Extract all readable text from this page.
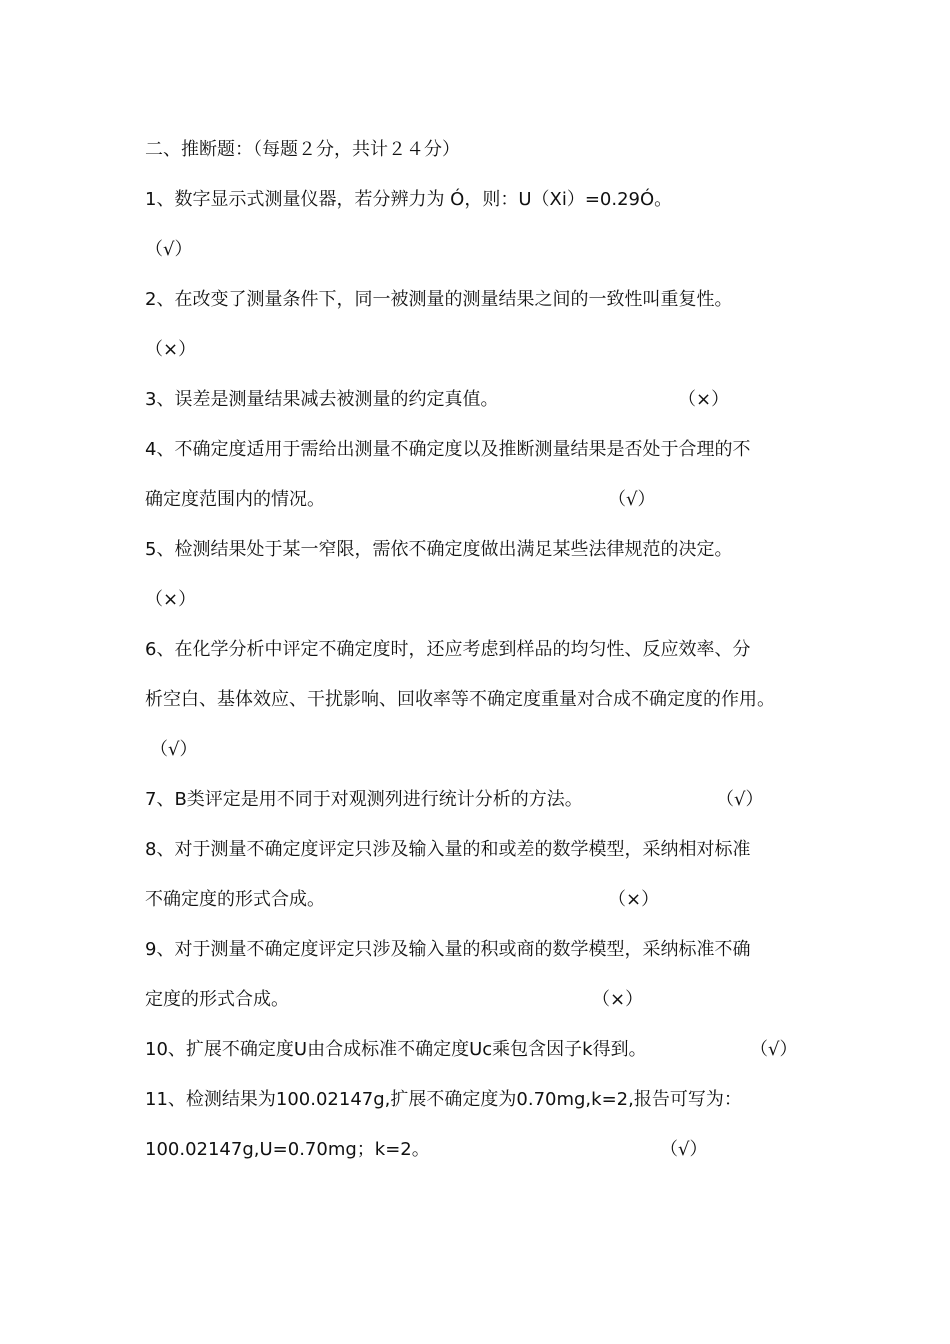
二、推断题：（每题２分，共计２４分）
1、数字显示式测量仪器，若分辨力为 Ó，则：U（Xi）=0.29Ó。
（√）
2、在改变了测量条件下，同一被测量的测量结果之间的一致性叫重复性。
（×）
3、误差是测量结果减去被测量的约定真值。	（×）
4、不确定度适用于需给出测量不确定度以及推断测量结果是否处于合理的不
确定度范围内的情况。	（√）
5、检测结果处于某一窄限，需依不确定度做出满足某些法律规范的决定。
（×）
6、在化学分析中评定不确定度时，还应考虑到样品的均匀性、反应效率、分
析空白、基体效应、干扰影响、回收率等不确定度重量对合成不确定度的作用。
（√）
7、B类评定是用不同于对观测列进行统计分析的方法。	（√）
8、对于测量不确定度评定只涉及输入量的和或差的数学模型，采纳相对标准
不确定度的形式合成。	（×）
9、对于测量不确定度评定只涉及输入量的积或商的数学模型，采纳标准不确
定度的形式合成。	（×）
10、扩展不确定度U由合成标准不确定度Uc乘包含因子k得到。	（√）
11、检测结果为100.02147g,扩展不确定度为0.70mg,k=2,报告可写为：
100.02147g,U=0.70mg；k=2。	（√）
